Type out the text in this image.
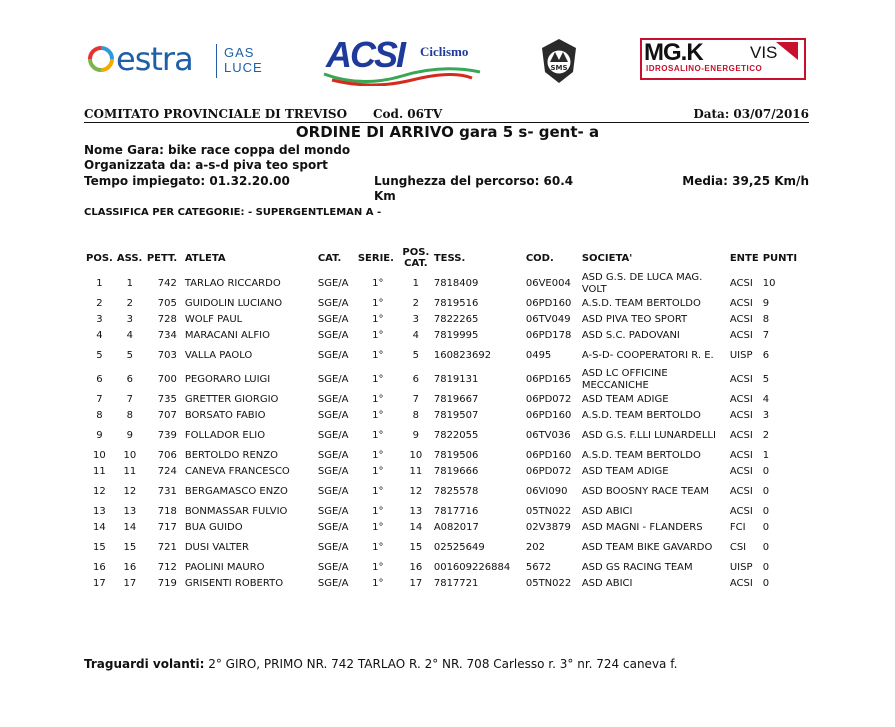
estra GAS
LUCE ACSI Ciclismo
SMS
MG.K	VIS
IDROSALINO-ENERGETICO
COMITATO PROVINCIALE DI TREVISO Cod. 06TV	Data: 03/07/2016
ORDINE DI ARRIVO gara 5 s- gent- a
Nome Gara: bike race coppa del mondo
Organizzata da: a-s-d piva teo sport
Tempo impiegato: 01.32.20.00	Lunghezza del percorso: 60.4 Km
Media: 39,25 Km/h
CLASSIFICA PER CATEGORIE: - SUPERGENTLEMAN A -
POS.	ASS.	PETT.	ATLETA	CAT.	SERIE.	POS. CAT.	TESS.	COD.	SOCIETA'	ENTE	PUNTI
1	1	742	TARLAO RICCARDO	SGE/A	1°	1	7818409	06VE004	ASD G.S. DE LUCA MAG. VOLT	ACSI	10
2	2	705	GUIDOLIN LUCIANO	SGE/A	1°	2	7819516	06PD160	A.S.D. TEAM BERTOLDO	ACSI	9
3	3	728	WOLF PAUL	SGE/A	1°	3	7822265	06TV049	ASD PIVA TEO SPORT	ACSI	8
4	4	734	MARACANI ALFIO	SGE/A	1°	4	7819995	06PD178	ASD S.C. PADOVANI	ACSI	7
5	5	703	VALLA PAOLO	SGE/A	1°	5	160823692	0495	A-S-D- COOPERATORI R. E.	UISP	6
6	6	700	PEGORARO LUIGI	SGE/A	1°	6	7819131	06PD165	ASD LC OFFICINE MECCANICHE	ACSI	5
7	7	735	GRETTER GIORGIO	SGE/A	1°	7	7819667	06PD072	ASD TEAM ADIGE	ACSI	4
8	8	707	BORSATO FABIO	SGE/A	1°	8	7819507	06PD160	A.S.D. TEAM BERTOLDO	ACSI	3
9	9	739	FOLLADOR ELIO	SGE/A	1°	9	7822055	06TV036	ASD G.S. F.LLI LUNARDELLI	ACSI	2
10	10	706	BERTOLDO RENZO	SGE/A	1°	10	7819506	06PD160	A.S.D. TEAM BERTOLDO	ACSI	1
11	11	724	CANEVA FRANCESCO	SGE/A	1°	11	7819666	06PD072	ASD TEAM ADIGE	ACSI	0
12	12	731	BERGAMASCO ENZO	SGE/A	1°	12	7825578	06VI090	ASD BOOSNY RACE TEAM	ACSI	0
13	13	718	BONMASSAR FULVIO	SGE/A	1°	13	7817716	05TN022	ASD ABICI	ACSI	0
14	14	717	BUA GUIDO	SGE/A	1°	14	A082017	02V3879	ASD MAGNI - FLANDERS	FCI	0
15	15	721	DUSI VALTER	SGE/A	1°	15	02525649	202	ASD TEAM BIKE GAVARDO	CSI	0
16	16	712	PAOLINI MAURO	SGE/A	1°	16	001609226884	5672	ASD GS RACING TEAM	UISP	0
17	17	719	GRISENTI ROBERTO	SGE/A	1°	17	7817721	05TN022	ASD ABICI	ACSI	0
Traguardi volanti: 2° GIRO, PRIMO NR. 742 TARLAO R. 2° NR. 708 Carlesso r. 3° nr. 724 caneva f.
